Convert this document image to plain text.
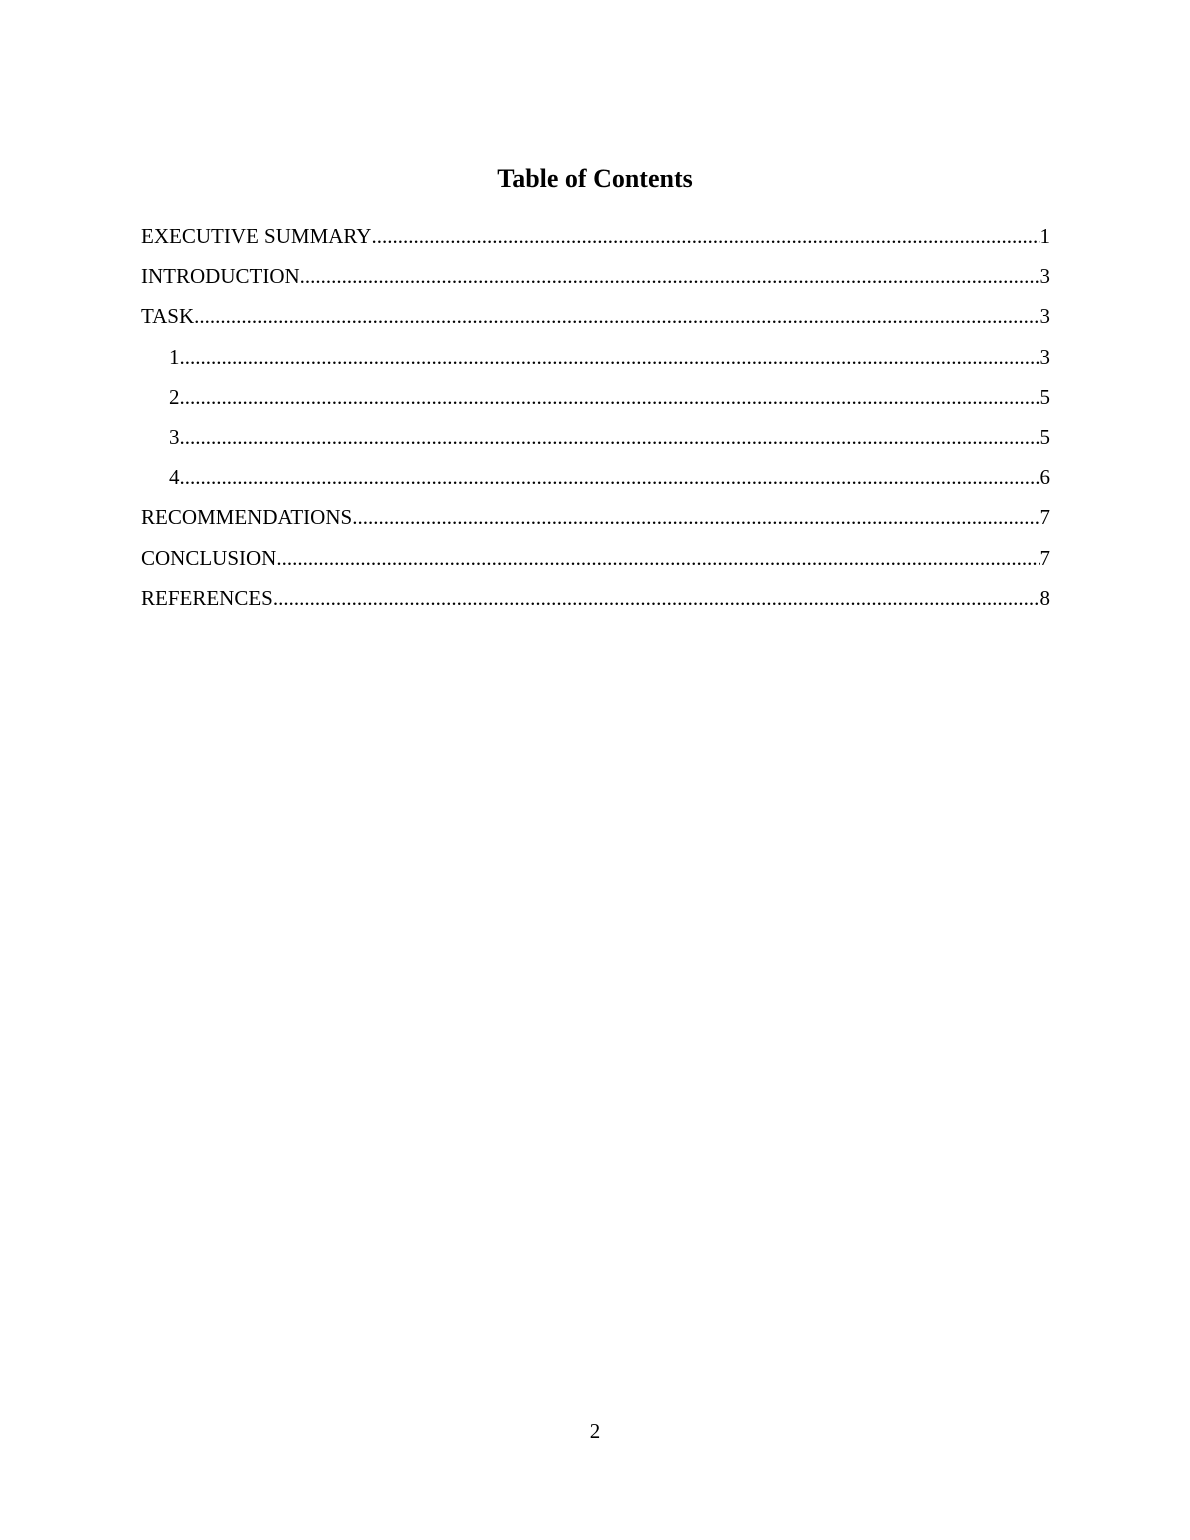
Table of Contents
EXECUTIVE SUMMARY .....	1
INTRODUCTION .....	3
TASK .....	3
1. .....	3
2. .....	5
3. .....	5
4. .....	6
RECOMMENDATIONS .....	7
CONCLUSION .....	7
REFERENCES .....	8
2
